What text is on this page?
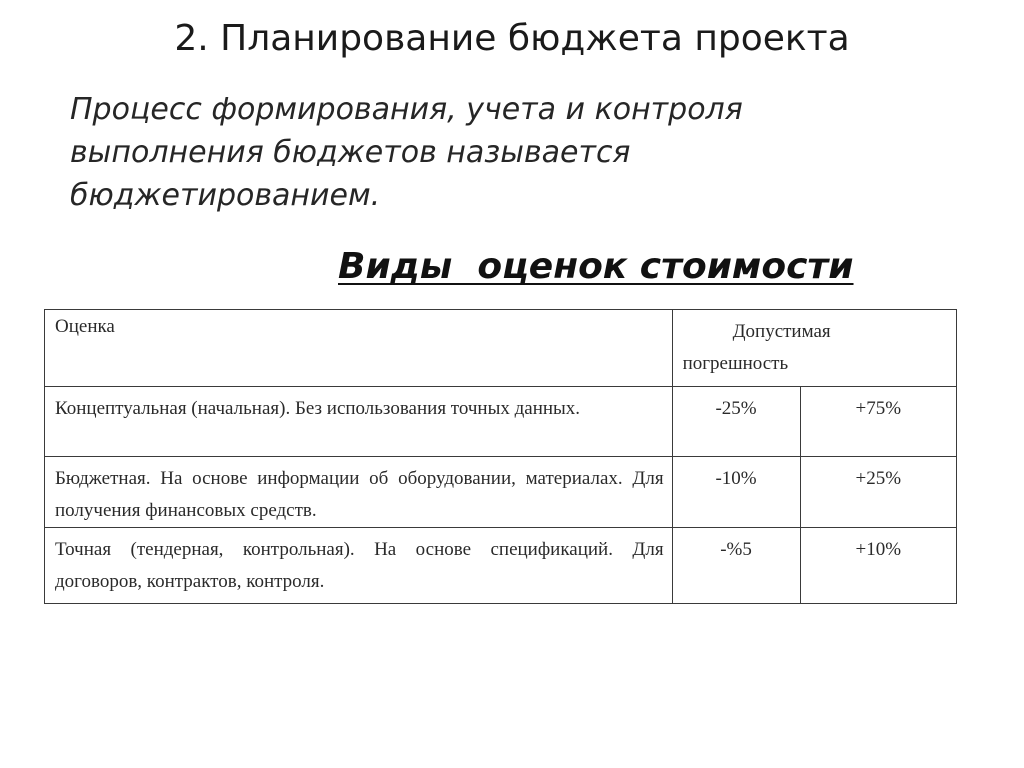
2. Планирование бюджета проекта

Процесс формирования, учета и контроля выполнения бюджетов называется бюджетированием.

Виды  оценок стоимости
Оценка	Допустимая
погрешность	

Концептуальная (начальная). Без использования точных данных.	-25%	+75%
Бюджетная. На основе информации об оборудовании, материалах. Для получения финансовых средств.	-10%	+25%
Точная (тендерная, контрольная). На основе спецификаций. Для договоров, контрактов, контроля.	-%5	+10%
